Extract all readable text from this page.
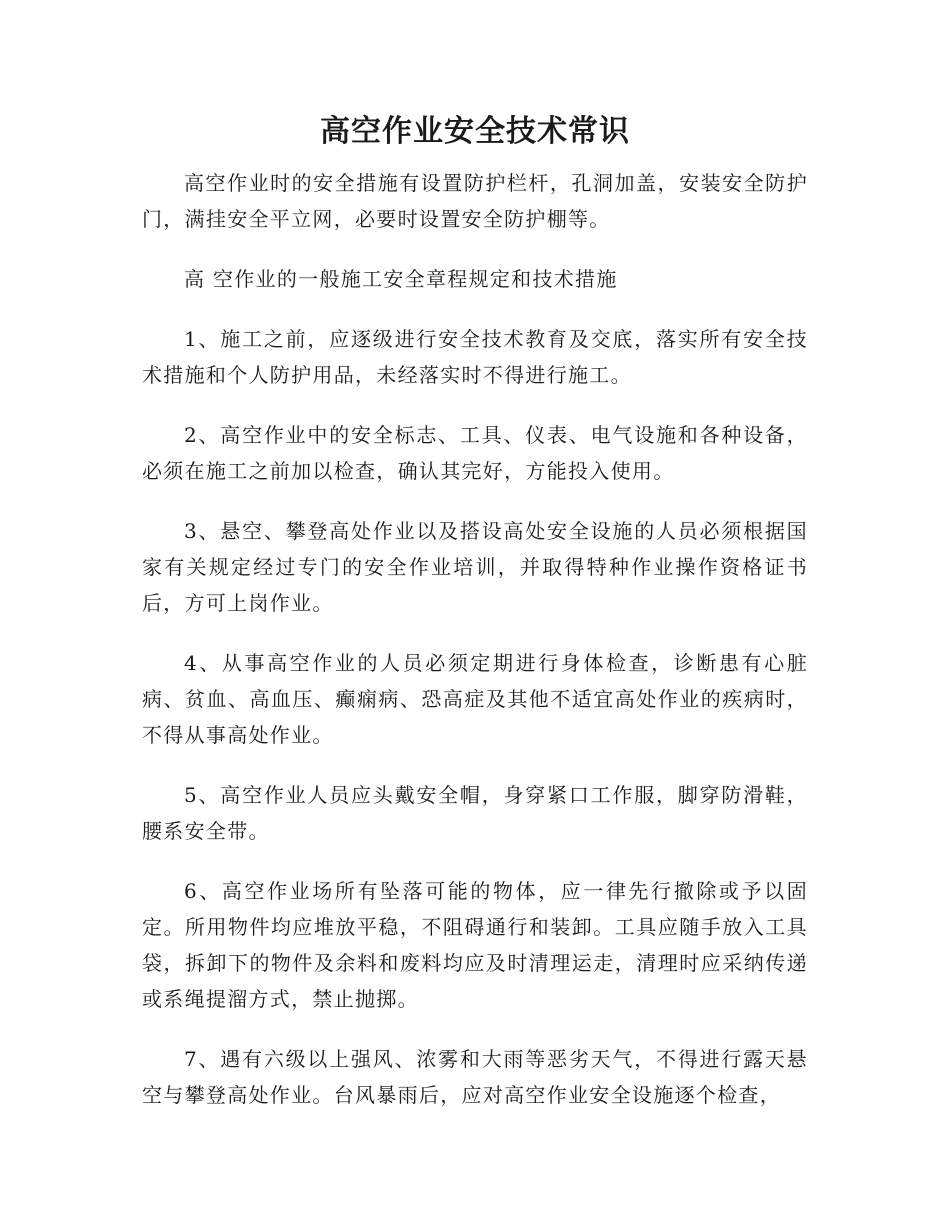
高空作业安全技术常识

高空作业时的安全措施有设置防护栏杆，孔洞加盖，安装安全防护门，满挂安全平立网，必要时设置安全防护棚等。

高 空作业的一般施工安全章程规定和技术措施

1、施工之前，应逐级进行安全技术教育及交底，落实所有安全技术措施和个人防护用品，未经落实时不得进行施工。

2、高空作业中的安全标志、工具、仪表、电气设施和各种设备，必须在施工之前加以检查，确认其完好，方能投入使用。

3、悬空、攀登高处作业以及搭设高处安全设施的人员必须根据国家有关规定经过专门的安全作业培训，并取得特种作业操作资格证书后，方可上岗作业。

4、从事高空作业的人员必须定期进行身体检查，诊断患有心脏病、贫血、高血压、癫痫病、恐高症及其他不适宜高处作业的疾病时，不得从事高处作业。

5、高空作业人员应头戴安全帽，身穿紧口工作服，脚穿防滑鞋，腰系安全带。

6、高空作业场所有坠落可能的物体，应一律先行撤除或予以固定。所用物件均应堆放平稳，不阻碍通行和装卸。工具应随手放入工具袋，拆卸下的物件及余料和废料均应及时清理运走，清理时应采纳传递或系绳提溜方式，禁止抛掷。

7、遇有六级以上强风、浓雾和大雨等恶劣天气，不得进行露天悬空与攀登高处作业。台风暴雨后，应对高空作业安全设施逐个检查，
